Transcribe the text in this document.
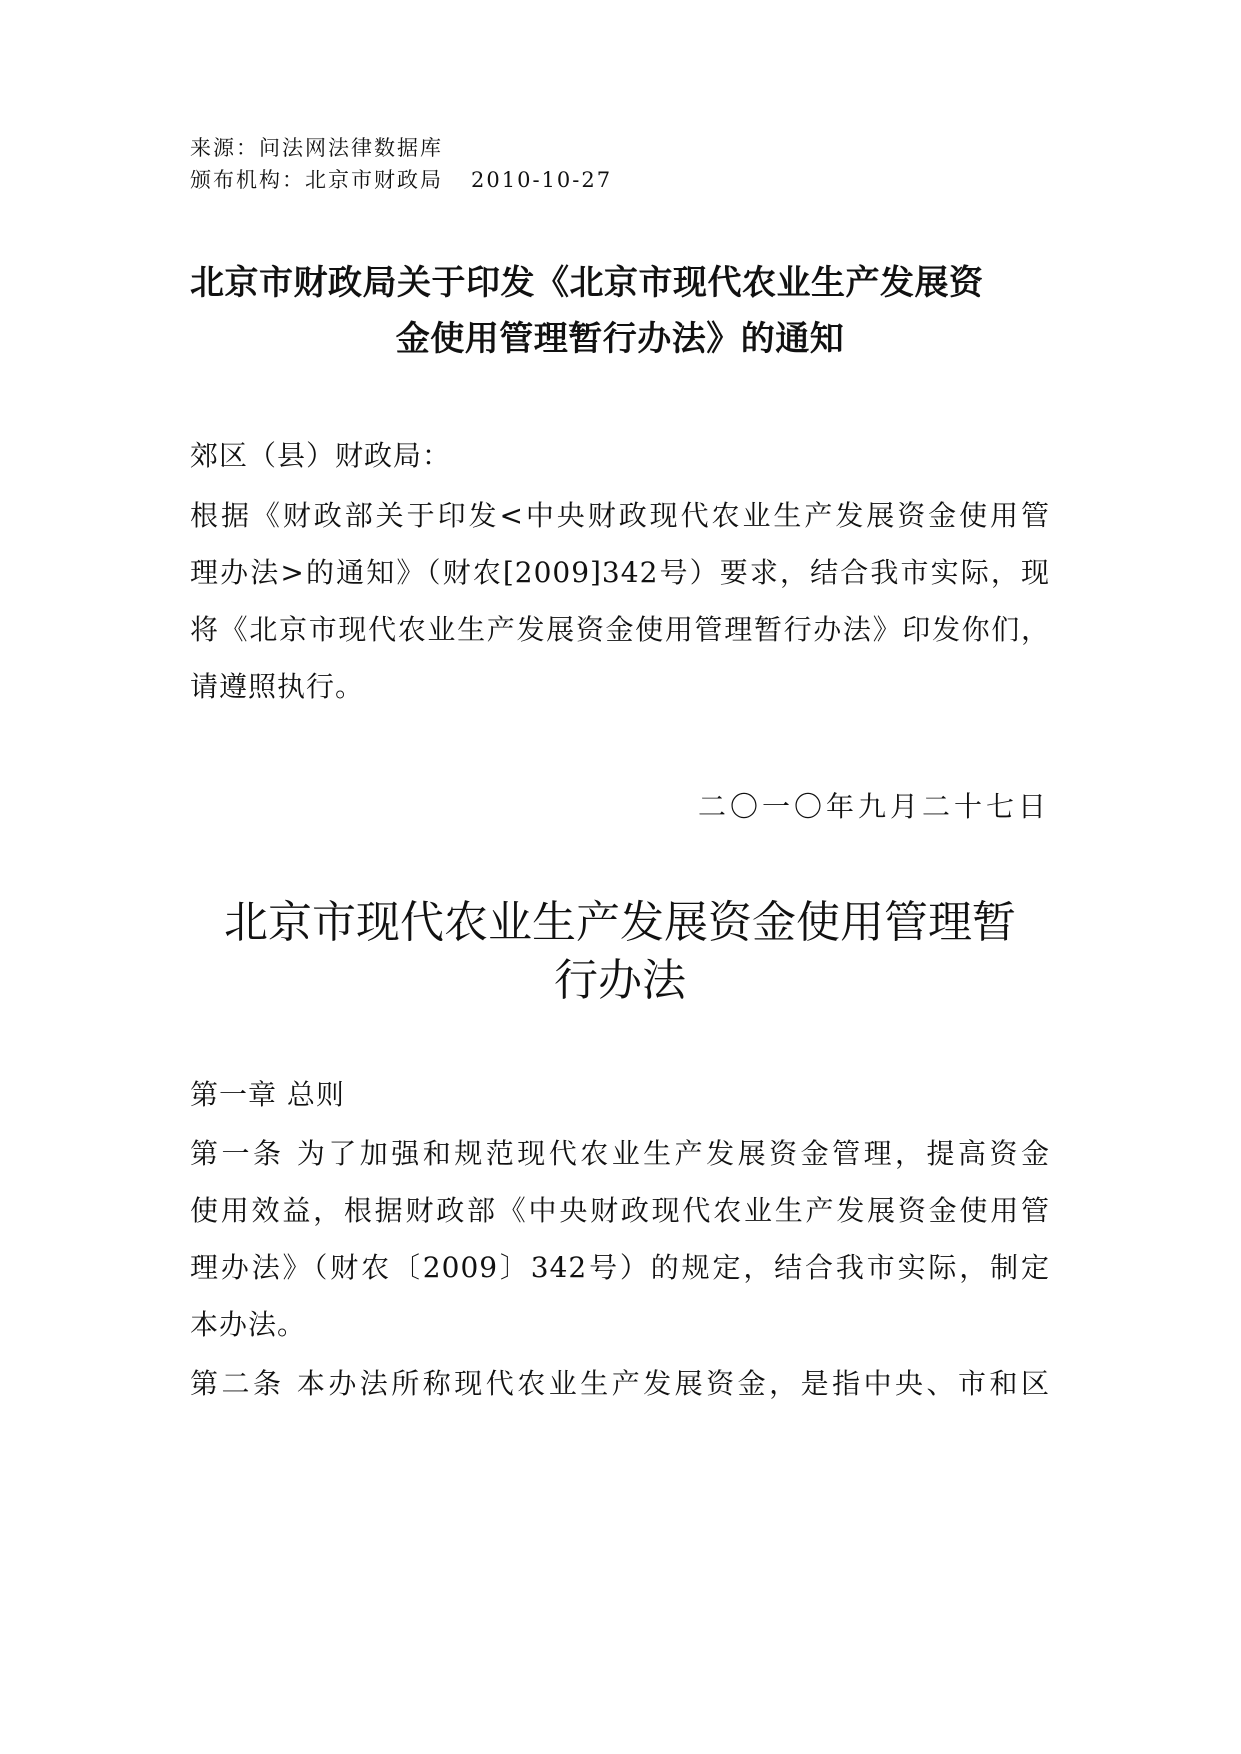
来源：问法网法律数据库
颁布机构：北京市财政局 2010-10-27
北京市财政局关于印发《北京市现代农业生产发展资
金使用管理暂行办法》的通知
郊区（县）财政局：
根据《财政部关于印发<中央财政现代农业生产发展资金使用管
理办法>的通知》（财农[2009]342号）要求，结合我市实际，现
将《北京市现代农业生产发展资金使用管理暂行办法》印发你们，
请遵照执行。
二〇一〇年九月二十七日
北京市现代农业生产发展资金使用管理暂
行办法
第一章 总则
第一条 为了加强和规范现代农业生产发展资金管理，提高资金
使用效益，根据财政部《中央财政现代农业生产发展资金使用管
理办法》（财农〔2009〕342号）的规定，结合我市实际，制定
本办法。
第二条 本办法所称现代农业生产发展资金，是指中央、市和区
